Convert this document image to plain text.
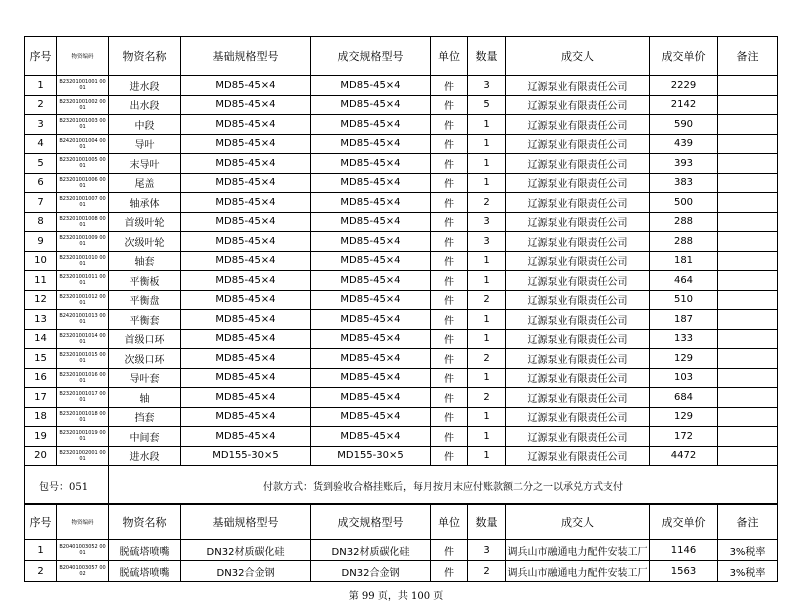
序号	物资编码	物资名称	基础规格型号	成交规格型号	单位	数量	成交人	成交单价	备注
1	B23201001001 0001	进水段	MD85-45×4	MD85-45×4	件	3	辽源泵业有限责任公司	2229	
2	B23201001002 0001	出水段	MD85-45×4	MD85-45×4	件	5	辽源泵业有限责任公司	2142	
3	B23201001003 0001	中段	MD85-45×4	MD85-45×4	件	1	辽源泵业有限责任公司	590	
4	B24201001004 0001	导叶	MD85-45×4	MD85-45×4	件	1	辽源泵业有限责任公司	439	
5	B23201001005 0001	末导叶	MD85-45×4	MD85-45×4	件	1	辽源泵业有限责任公司	393	
6	B23201001006 0001	尾盖	MD85-45×4	MD85-45×4	件	1	辽源泵业有限责任公司	383	
7	B23201001007 0001	轴承体	MD85-45×4	MD85-45×4	件	2	辽源泵业有限责任公司	500	
8	B23201001008 0001	首级叶轮	MD85-45×4	MD85-45×4	件	3	辽源泵业有限责任公司	288	
9	B23201001009 0001	次级叶轮	MD85-45×4	MD85-45×4	件	3	辽源泵业有限责任公司	288	
10	B23201001010 0001	轴套	MD85-45×4	MD85-45×4	件	1	辽源泵业有限责任公司	181	
11	B23201001011 0001	平衡板	MD85-45×4	MD85-45×4	件	1	辽源泵业有限责任公司	464	
12	B23201001012 0001	平衡盘	MD85-45×4	MD85-45×4	件	2	辽源泵业有限责任公司	510	
13	B24201001013 0001	平衡套	MD85-45×4	MD85-45×4	件	1	辽源泵业有限责任公司	187	
14	B23201001014 0001	首级口环	MD85-45×4	MD85-45×4	件	1	辽源泵业有限责任公司	133	
15	B23201001015 0001	次级口环	MD85-45×4	MD85-45×4	件	2	辽源泵业有限责任公司	129	
16	B23201001016 0001	导叶套	MD85-45×4	MD85-45×4	件	1	辽源泵业有限责任公司	103	
17	B23201001017 0001	轴	MD85-45×4	MD85-45×4	件	2	辽源泵业有限责任公司	684	
18	B23201001018 0001	挡套	MD85-45×4	MD85-45×4	件	1	辽源泵业有限责任公司	129	
19	B23201001019 0001	中间套	MD85-45×4	MD85-45×4	件	1	辽源泵业有限责任公司	172	
20	B23201002001 0001	进水段	MD155-30×5	MD155-30×5	件	1	辽源泵业有限责任公司	4472	
包号：051		付款方式：货到验收合格挂账后，每月按月末应付账款额二分之一以承兑方式支付							
序号	物资编码	物资名称	基础规格型号	成交规格型号	单位	数量	成交人	成交单价	备注
1	B20401003052 0001	脱硫塔喷嘴	DN32材质碳化硅	DN32材质碳化硅	件	3	调兵山市融通电力配件安装工厂	1146	3%税率
2	B20401003057 0002	脱硫塔喷嘴	DN32合金钢	DN32合金钢	件	2	调兵山市融通电力配件安装工厂	1563	3%税率
第 99 页，共 100 页
